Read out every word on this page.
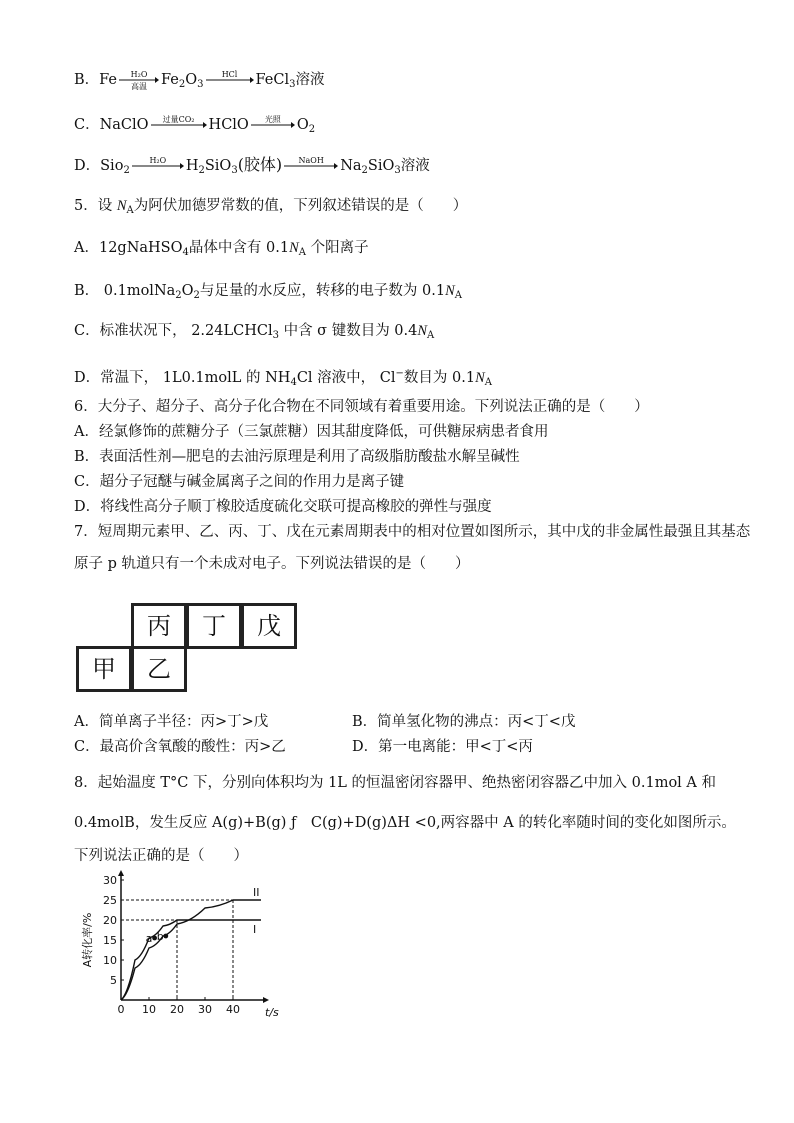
B．Fe	H₂O
高温 $Fe_2O_3$
HCl	FeCl$_3$溶液
C．NaClO	过量CO₂ HClO	光照	$O_2$
D．Sio$_2$
H₂O	$H_2SiO_3$(胶体)	NaOH	$Na_2SiO_3$溶液
5．设 $N_A$为阿伏加德罗常数的值，下列叙述错误的是（　　）
A．12gNaHSO$_4$晶体中含有 $0.1N_A$ 个阳离子
B． $0.1molNa_2O_2$与足量的水反应，转移的电子数为 $0.1N_A$
C．标准状况下， 2.24LCHCl$_3$ 中含 σ 键数目为 $0.4N_A$
D．常温下， 1L0.1molL 的 $NH_4Cl$ 溶液中， Cl−数目为 $0.1N_A$
6．大分子、超分子、高分子化合物在不同领域有着重要用途。下列说法正确的是（　　）
A．经氯修饰的蔗糖分子（三氯蔗糖）因其甜度降低，可供糖尿病患者食用
B．表面活性剂—肥皂的去油污原理是利用了高级脂肪酸盐水解呈碱性
C．超分子冠醚与碱金属离子之间的作用力是离子键
D．将线性高分子顺丁橡胶适度硫化交联可提高橡胶的弹性与强度
7．短周期元素甲、乙、丙、丁、戊在元素周期表中的相对位置如图所示，其中戊的非金属性最强且其基态
原子 p 轨道只有一个未成对电子。下列说法错误的是（　　）
丙	丁	戊
甲	乙
A．简单离子半径：丙>丁>戊	B．简单氢化物的沸点：丙<丁<戊
C．最高价含氧酸的酸性：丙>乙	D．第一电离能：甲<丁<丙
8．起始温度 T°C 下，分别向体积均为 1L 的恒温密闭容器甲、绝热密闭容器乙中加入 0.1mol A 和
0.4molB，发生反应 A(g)+B(g) ƒ　C(g)+D(g)ΔH <0,两容器中 A 的转化率随时间的变化如图所示。
下列说法正确的是（　　）
0 10 20 30 40
5
10
15
20
25
30
A转化率/%
t/s
I
II
a b
